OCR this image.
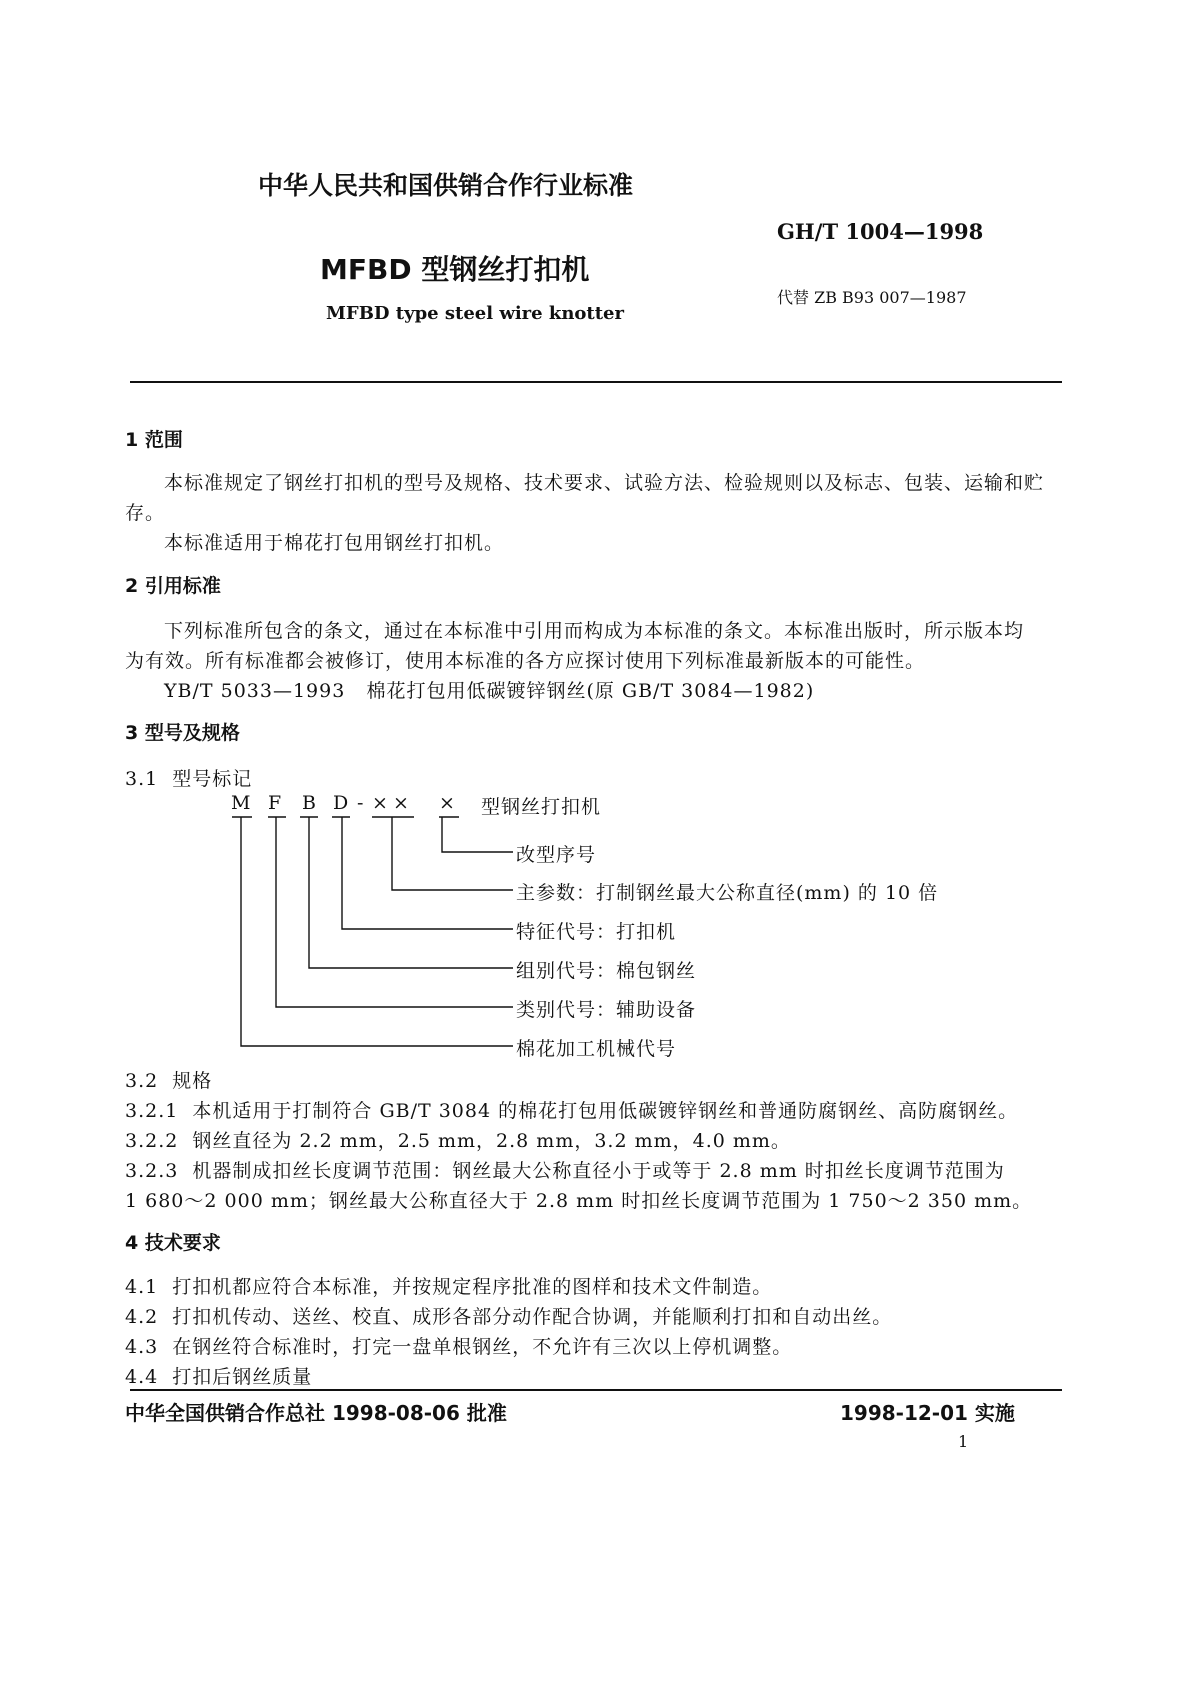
中华人民共和国供销合作行业标准
GH/T 1004—1998
MFBD 型钢丝打扣机
代替 ZB B93 007—1987
MFBD type steel wire knotter
1 范围
本标准规定了钢丝打扣机的型号及规格、技术要求、试验方法、检验规则以及标志、包装、运输和贮
存。
本标准适用于棉花打包用钢丝打扣机。
2 引用标准
下列标准所包含的条文，通过在本标准中引用而构成为本标准的条文。本标准出版时，所示版本均
为有效。所有标准都会被修订，使用本标准的各方应探讨使用下列标准最新版本的可能性。
YB/T 5033—1993   棉花打包用低碳镀锌钢丝(原 GB/T 3084—1982)
3 型号及规格
3.1  型号标记
M F B D - × × × 型钢丝打扣机
改型序号
主参数：打制钢丝最大公称直径(mm) 的 10 倍
特征代号：打扣机
组别代号：棉包钢丝
类别代号：辅助设备
棉花加工机械代号
3.2  规格
3.2.1  本机适用于打制符合 GB/T 3084 的棉花打包用低碳镀锌钢丝和普通防腐钢丝、高防腐钢丝。
3.2.2  钢丝直径为 2.2 mm，2.5 mm，2.8 mm，3.2 mm，4.0 mm。
3.2.3  机器制成扣丝长度调节范围：钢丝最大公称直径小于或等于 2.8 mm 时扣丝长度调节范围为
1 680～2 000 mm；钢丝最大公称直径大于 2.8 mm 时扣丝长度调节范围为 1 750～2 350 mm。
4 技术要求
4.1  打扣机都应符合本标准，并按规定程序批准的图样和技术文件制造。
4.2  打扣机传动、送丝、校直、成形各部分动作配合协调，并能顺利打扣和自动出丝。
4.3  在钢丝符合标准时，打完一盘单根钢丝，不允许有三次以上停机调整。
4.4  打扣后钢丝质量
中华全国供销合作总社 1998-08-06 批准	1998-12-01 实施
1
